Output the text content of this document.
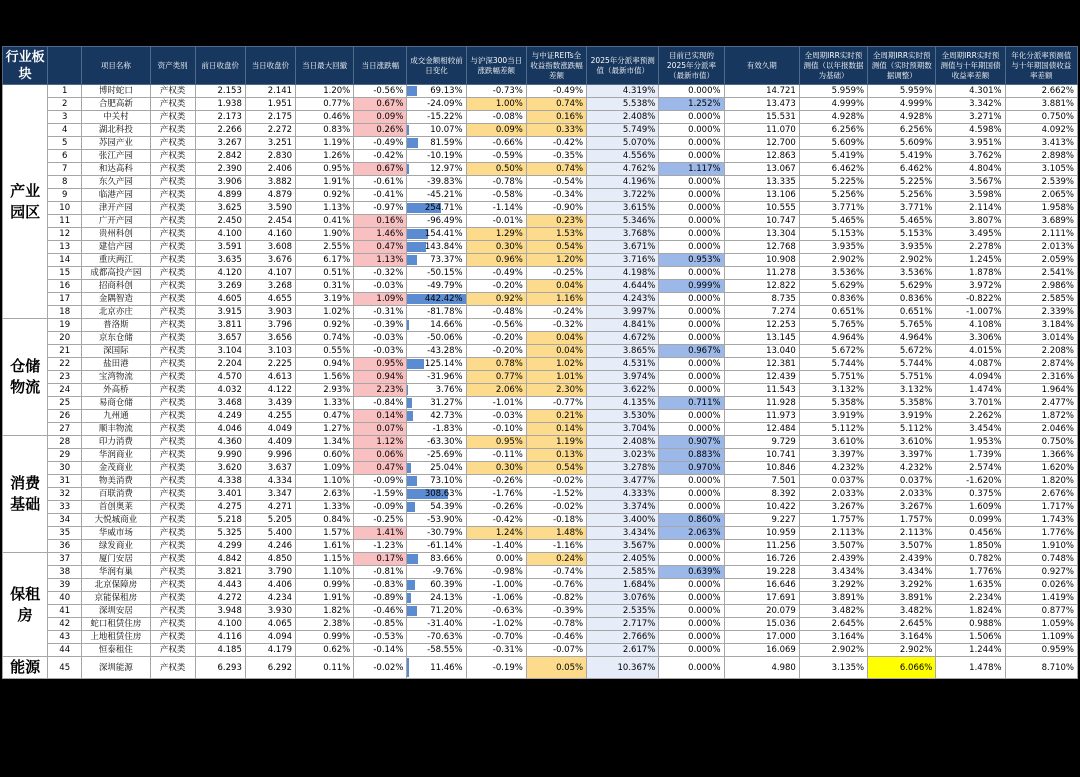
行业板块		项目名称	资产类别	前日收盘价	当日收盘价	当日最大回撤	当日涨跌幅	成交金额相较前日变化	与沪深300当日涨跌幅差额	与中证REITs全收益指数涨跌幅差额	2025年分派率预测值（最新市值）	目前已实现的2025年分派率（最新市值）	有效久期	全周期IRR实时预测值（以年报数据为基础）	全周期IRR实时预测值（实时预期数据调整）	全周期IRR实时预测值与十年期国债收益率差额	年化分派率预测值与十年期国债收益率差额
产业园区	1	博时蛇口	产权类	2.153	2.141	1.20%	-0.56%	69.13%	-0.73%	-0.49%	4.319%	0.000%	14.721	5.959%	5.959%	4.301%	2.662%
	2	合肥高新	产权类	1.938	1.951	0.77%	0.67%	-24.09%	1.00%	0.74%	5.538%	1.252%	13.473	4.999%	4.999%	3.342%	3.881%
	3	中关村	产权类	2.173	2.175	0.46%	0.09%	-15.22%	-0.08%	0.16%	2.408%	0.000%	15.531	4.928%	4.928%	3.271%	0.750%
	4	湖北科投	产权类	2.266	2.272	0.83%	0.26%	10.07%	0.09%	0.33%	5.749%	0.000%	11.070	6.256%	6.256%	4.598%	4.092%
	5	苏园产业	产权类	3.267	3.251	1.19%	-0.49%	81.59%	-0.66%	-0.42%	5.070%	0.000%	12.700	5.609%	5.609%	3.951%	3.413%
	6	张江产园	产权类	2.842	2.830	1.26%	-0.42%	-10.19%	-0.59%	-0.35%	4.556%	0.000%	12.863	5.419%	5.419%	3.762%	2.898%
	7	和达高科	产权类	2.390	2.406	0.95%	0.67%	12.97%	0.50%	0.74%	4.762%	1.117%	13.067	6.462%	6.462%	4.804%	3.105%
	8	东久产园	产权类	3.906	3.882	1.91%	-0.61%	-39.83%	-0.78%	-0.54%	4.196%	0.000%	13.335	5.225%	5.225%	3.567%	2.539%
	9	临港产园	产权类	4.899	4.879	0.92%	-0.41%	-45.21%	-0.58%	-0.34%	3.722%	0.000%	13.106	5.256%	5.256%	3.598%	2.065%
	10	津开产园	产权类	3.625	3.590	1.13%	-0.97%	254.71%	-1.14%	-0.90%	3.615%	0.000%	10.555	3.771%	3.771%	2.114%	1.958%
	11	广开产园	产权类	2.450	2.454	0.41%	0.16%	-96.49%	-0.01%	0.23%	5.346%	0.000%	10.747	5.465%	5.465%	3.807%	3.689%
	12	贵州科创	产权类	4.100	4.160	1.90%	1.46%	154.41%	1.29%	1.53%	3.768%	0.000%	13.304	5.153%	5.153%	3.495%	2.111%
	13	建信产园	产权类	3.591	3.608	2.55%	0.47%	143.84%	0.30%	0.54%	3.671%	0.000%	12.768	3.935%	3.935%	2.278%	2.013%
	14	重庆两江	产权类	3.635	3.676	6.17%	1.13%	73.37%	0.96%	1.20%	3.716%	0.953%	10.908	2.902%	2.902%	1.245%	2.059%
	15	成都高投产园	产权类	4.120	4.107	0.51%	-0.32%	-50.15%	-0.49%	-0.25%	4.198%	0.000%	11.278	3.536%	3.536%	1.878%	2.541%
	16	招商科创	产权类	3.269	3.268	0.31%	-0.03%	-49.79%	-0.20%	0.04%	4.644%	0.999%	12.822	5.629%	5.629%	3.972%	2.986%
	17	金隅智造	产权类	4.605	4.655	3.19%	1.09%	442.42%	0.92%	1.16%	4.243%	0.000%	8.735	0.836%	0.836%	-0.822%	2.585%
	18	北京亦庄	产权类	3.915	3.903	1.02%	-0.31%	-81.78%	-0.48%	-0.24%	3.997%	0.000%	7.274	0.651%	0.651%	-1.007%	2.339%
仓储物流	19	普洛斯	产权类	3.811	3.796	0.92%	-0.39%	14.66%	-0.56%	-0.32%	4.841%	0.000%	12.253	5.765%	5.765%	4.108%	3.184%
	20	京东仓储	产权类	3.657	3.656	0.74%	-0.03%	-50.06%	-0.20%	0.04%	4.672%	0.000%	13.145	4.964%	4.964%	3.306%	3.014%
	21	深国际	产权类	3.104	3.103	0.55%	-0.03%	-43.28%	-0.20%	0.04%	3.865%	0.967%	13.040	5.672%	5.672%	4.015%	2.208%
	22	盐田港	产权类	2.204	2.225	0.94%	0.95%	125.14%	0.78%	1.02%	4.531%	0.000%	12.381	5.744%	5.744%	4.087%	2.874%
	23	宝湾物流	产权类	4.570	4.613	1.56%	0.94%	-31.96%	0.77%	1.01%	3.974%	0.000%	12.439	5.751%	5.751%	4.094%	2.316%
	24	外高桥	产权类	4.032	4.122	2.93%	2.23%	3.76%	2.06%	2.30%	3.622%	0.000%	11.543	3.132%	3.132%	1.474%	1.964%
	25	易商仓储	产权类	3.468	3.439	1.33%	-0.84%	31.27%	-1.01%	-0.77%	4.135%	0.711%	11.928	5.358%	5.358%	3.701%	2.477%
	26	九州通	产权类	4.249	4.255	0.47%	0.14%	42.73%	-0.03%	0.21%	3.530%	0.000%	11.973	3.919%	3.919%	2.262%	1.872%
	27	顺丰物流	产权类	4.046	4.049	1.27%	0.07%	-1.83%	-0.10%	0.14%	3.704%	0.000%	12.484	5.112%	5.112%	3.454%	2.046%
消费基础	28	印力消费	产权类	4.360	4.409	1.34%	1.12%	-63.30%	0.95%	1.19%	2.408%	0.907%	9.729	3.610%	3.610%	1.953%	0.750%
	29	华润商业	产权类	9.990	9.996	0.60%	0.06%	-25.69%	-0.11%	0.13%	3.023%	0.883%	10.741	3.397%	3.397%	1.739%	1.366%
	30	金茂商业	产权类	3.620	3.637	1.09%	0.47%	25.04%	0.30%	0.54%	3.278%	0.970%	10.846	4.232%	4.232%	2.574%	1.620%
	31	物美消费	产权类	4.338	4.334	1.10%	-0.09%	73.10%	-0.26%	-0.02%	3.477%	0.000%	7.501	0.037%	0.037%	-1.620%	1.820%
	32	百联消费	产权类	3.401	3.347	2.63%	-1.59%	308.63%	-1.76%	-1.52%	4.333%	0.000%	8.392	2.033%	2.033%	0.375%	2.676%
	33	首创奥莱	产权类	4.275	4.271	1.33%	-0.09%	54.39%	-0.26%	-0.02%	3.374%	0.000%	10.422	3.267%	3.267%	1.609%	1.717%
	34	大悦城商业	产权类	5.218	5.205	0.84%	-0.25%	-53.90%	-0.42%	-0.18%	3.400%	0.860%	9.227	1.757%	1.757%	0.099%	1.743%
	35	华威市场	产权类	5.325	5.400	1.57%	1.41%	-30.79%	1.24%	1.48%	3.434%	2.063%	10.959	2.113%	2.113%	0.456%	1.776%
	36	绿发商业	产权类	4.299	4.246	1.61%	-1.23%	-61.14%	-1.40%	-1.16%	3.567%	0.000%	11.256	3.507%	3.507%	1.850%	1.910%
保租房	37	厦门安居	产权类	4.842	4.850	1.15%	0.17%	83.66%	0.00%	0.24%	2.405%	0.000%	16.726	2.439%	2.439%	0.782%	0.748%
	38	华润有巢	产权类	3.821	3.790	1.10%	-0.81%	-9.76%	-0.98%	-0.74%	2.585%	0.639%	19.228	3.434%	3.434%	1.776%	0.927%
	39	北京保障房	产权类	4.443	4.406	0.99%	-0.83%	60.39%	-1.00%	-0.76%	1.684%	0.000%	16.646	3.292%	3.292%	1.635%	0.026%
	40	京能保租房	产权类	4.272	4.234	1.91%	-0.89%	24.13%	-1.06%	-0.82%	3.076%	0.000%	17.691	3.891%	3.891%	2.234%	1.419%
	41	深圳安居	产权类	3.948	3.930	1.82%	-0.46%	71.20%	-0.63%	-0.39%	2.535%	0.000%	20.079	3.482%	3.482%	1.824%	0.877%
	42	蛇口租赁住房	产权类	4.100	4.065	2.38%	-0.85%	-31.40%	-1.02%	-0.78%	2.717%	0.000%	15.036	2.645%	2.645%	0.988%	1.059%
	43	上地租赁住房	产权类	4.116	4.094	0.99%	-0.53%	-70.63%	-0.70%	-0.46%	2.766%	0.000%	17.000	3.164%	3.164%	1.506%	1.109%
	44	恒泰租住	产权类	4.185	4.179	0.62%	-0.14%	-58.55%	-0.31%	-0.07%	2.617%	0.000%	16.069	2.902%	2.902%	1.244%	0.959%
能源	45	深圳能源	产权类	6.293	6.292	0.11%	-0.02%	11.46%	-0.19%	0.05%	10.367%	0.000%	4.980	3.135%	6.066%	1.478%	8.710%
